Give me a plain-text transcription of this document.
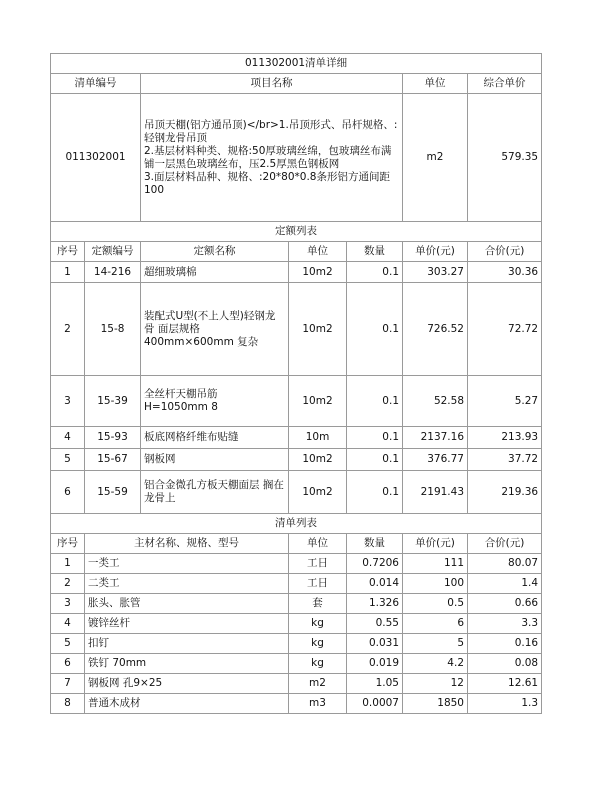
011302001清单详细						
清单编号		项目名称			单位	综合单价
011302001		吊顶天棚(铝方通吊顶)</br>1.吊顶形式、吊杆规格、:轻钢龙骨吊顶
2.基层材料种类、规格:50厚玻璃丝绵，包玻璃丝布满铺一层黑色玻璃丝布，压2.5厚黑色钢板网
3.面层材料品种、规格、:20*80*0.8条形铝方通间距100			m2	579.35
定额列表						
序号	定额编号	定额名称	单位	数量	单价(元)	合价(元)
1	14-216	超细玻璃棉	10m2	0.1	303.27	30.36
2	15-8	装配式U型(不上人型)轻钢龙骨 面层规格
400mm×600mm 复杂	10m2	0.1	726.52	72.72
3	15-39	全丝杆天棚吊筋
H=1050mm 8	10m2	0.1	52.58	5.27
4	15-93	板底网格纤维布贴缝	10m	0.1	2137.16	213.93
5	15-67	钢板网	10m2	0.1	376.77	37.72
6	15-59	铝合金微孔方板天棚面层 搁在龙骨上	10m2	0.1	2191.43	219.36
清单列表						
序号	主材名称、规格、型号		单位	数量	单价(元)	合价(元)
1	一类工		工日	0.7206	111	80.07
2	二类工		工日	0.014	100	1.4
3	胀头、胀管		套	1.326	0.5	0.66
4	镀锌丝杆		kg	0.55	6	3.3
5	扣钉		kg	0.031	5	0.16
6	铁钉 70mm		kg	0.019	4.2	0.08
7	钢板网 孔9×25		m2	1.05	12	12.61
8	普通木成材		m3	0.0007	1850	1.3
